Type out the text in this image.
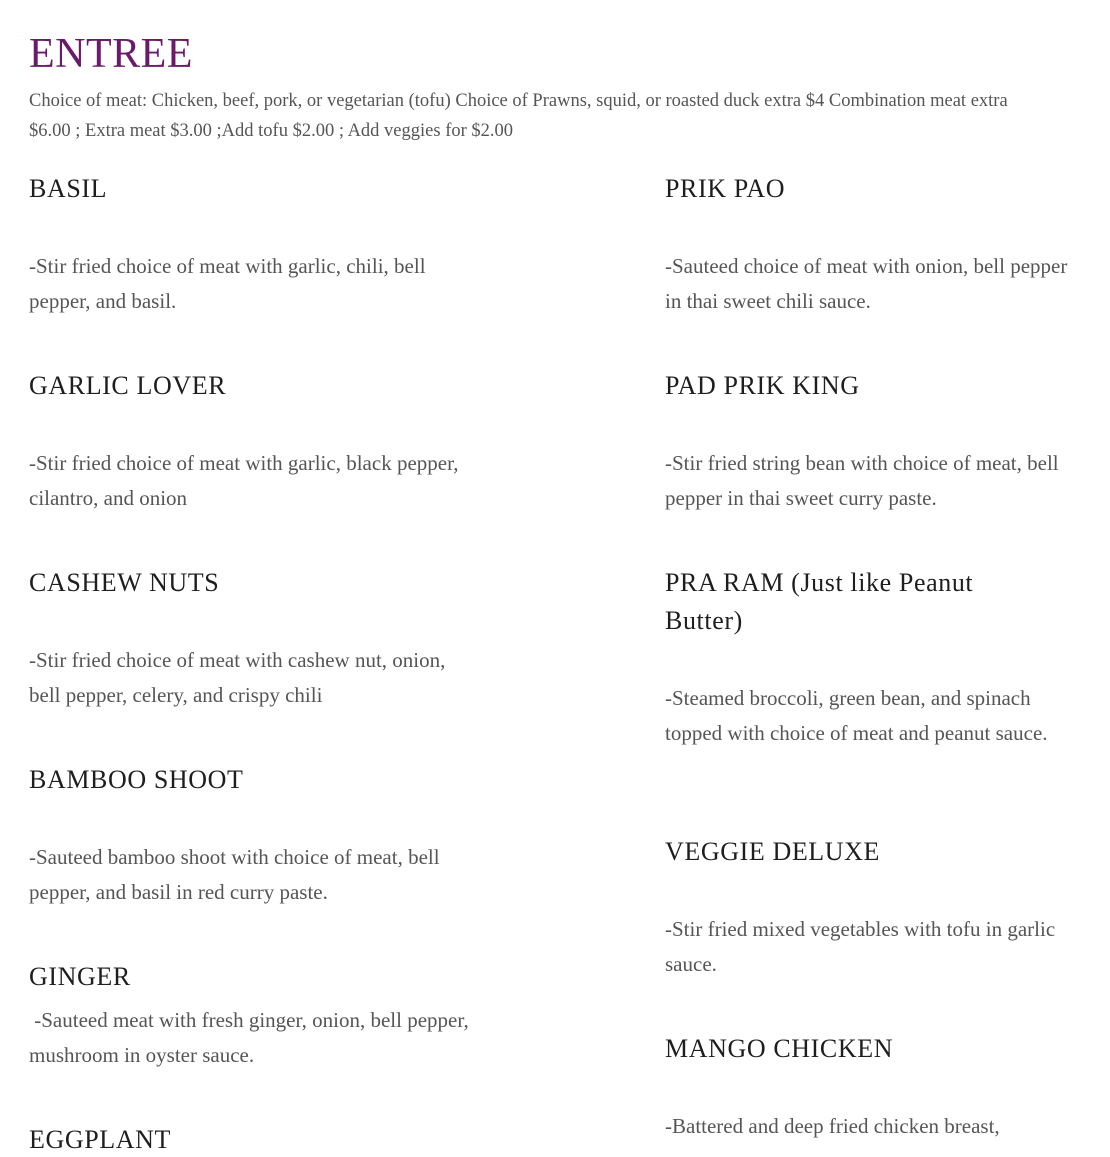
ENTREE

Choice of meat: Chicken, beef, pork, or vegetarian (tofu) Choice of Prawns, squid, or roasted duck extra $4 Combination meat extra $6.00 ; Extra meat $3.00 ;Add tofu $2.00 ; Add veggies for $2.00

BASIL

-Stir fried choice of meat with garlic, chili, bell pepper, and basil.

GARLIC LOVER

-Stir fried choice of meat with garlic, black pepper, cilantro, and onion

CASHEW NUTS

-Stir fried choice of meat with cashew nut, onion, bell pepper, celery, and crispy chili

BAMBOO SHOOT

-Sauteed bamboo shoot with choice of meat, bell pepper, and basil in red curry paste.

GINGER

-Sauteed meat with fresh ginger, onion, bell pepper, mushroom in oyster sauce.

EGGPLANT
PRIK PAO

-Sauteed choice of meat with onion, bell pepper in thai sweet chili sauce.

PAD PRIK KING

-Stir fried string bean with choice of meat, bell pepper in thai sweet curry paste.

PRA RAM (Just like Peanut Butter)

-Steamed broccoli, green bean, and spinach topped with choice of meat and peanut sauce.

VEGGIE DELUXE

-Stir fried mixed vegetables with tofu in garlic sauce.

MANGO CHICKEN

-Battered and deep fried chicken breast,
